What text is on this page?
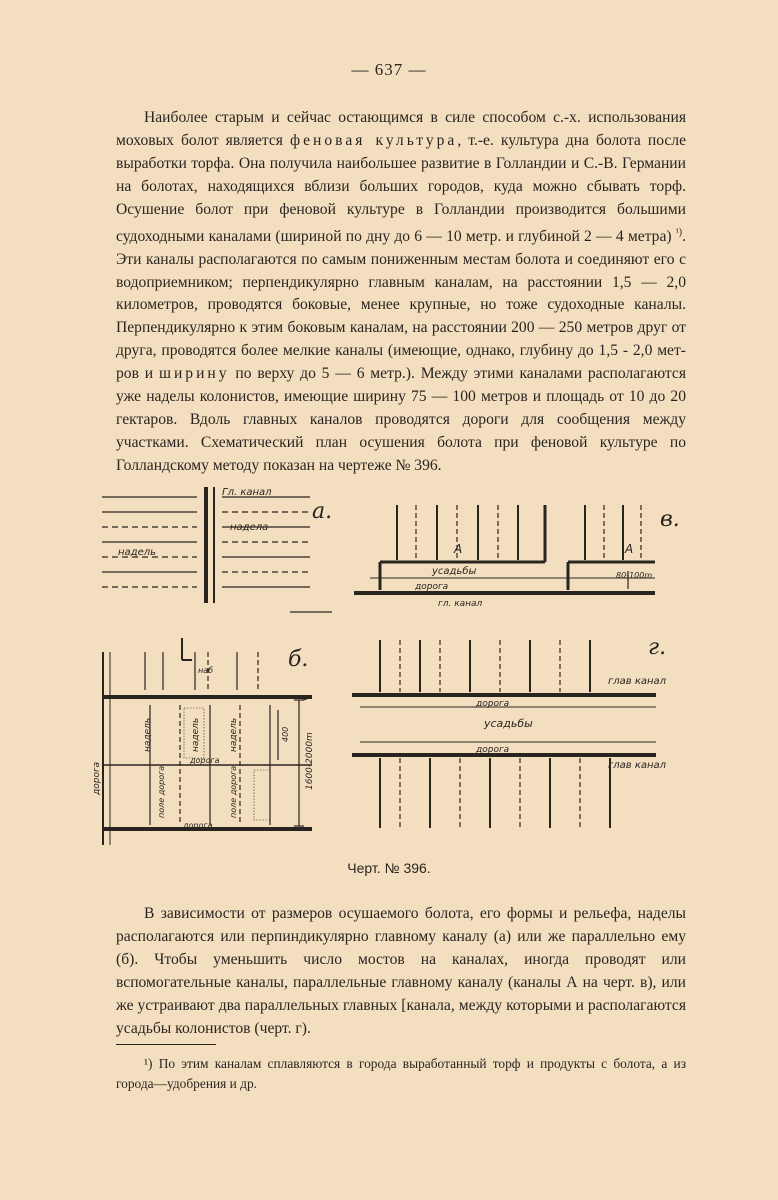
— 637 —

Наиболее старым и сейчас остающимся в силе способом с.-х. использования моховых болот является феновая культура, т.-е. культура дна болота после выработки торфа. Она получила наибольшее развитие в Голландии и С.-В. Германии на болотах, находящихся вблизи больших городов, куда можно сбывать торф. Осушение болот при феновой культуре в Голландии производится большими судоходными каналами (шириной по дну до 6 — 10 метр. и глубиной 2 — 4 метра) $^{^1)}$. Эти каналы располагаются по самым пониженным местам болота и соединяют его с водоприемником; перпендикулярно главным каналам, на расстоянии 1,5 — 2,0 километров, проводятся боковые, менее крупные, но тоже судоходные каналы. Перпендикулярно к этим боковым каналам, на расстоянии 200 — 250 метров друг от друга, проводятся более мелкие каналы (имеющие, однако, глубину до 1,5 - 2,0 метров и ширину по верху до 5 — 6 метр.). Между этими каналами располагаются уже наделы колонистов, имеющие ширину 75 — 100 метров и площадь от 10 до 20 гектаров. Вдоль главных каналов проводятся дороги для сообщения между участками. Схематический план осушения болота при феновой культуре по Голландскому методу показан на чертеже № 396.

Гл. канал
надела
надель
а.
б.
наб
дорога
надель	надель	надель
дорога
поле дорога	поле дорога
дорога
1600-2000m
400
в.
А	А
усадьбы
дорога
гл. канал
80-100m
г.
глав канал
дорога
усадьбы
дорога
глав канал
Черт. № 396.

В зависимости от размеров осушаемого болота, его формы и рельефа, наделы располагаются или перпиндикулярно главному каналу (а) или же параллельно ему (б). Чтобы уменьшить число мостов на каналах, иногда проводят или вспомогательные каналы, параллельные главному каналу (каналы А на черт. в), или же устраивают два параллельных главных [канала, между которыми и располагаются усадьбы колонистов (черт. г).

¹) По этим каналам сплавляются в города выработанный торф и продукты с болота, а из города—удобрения и др.
